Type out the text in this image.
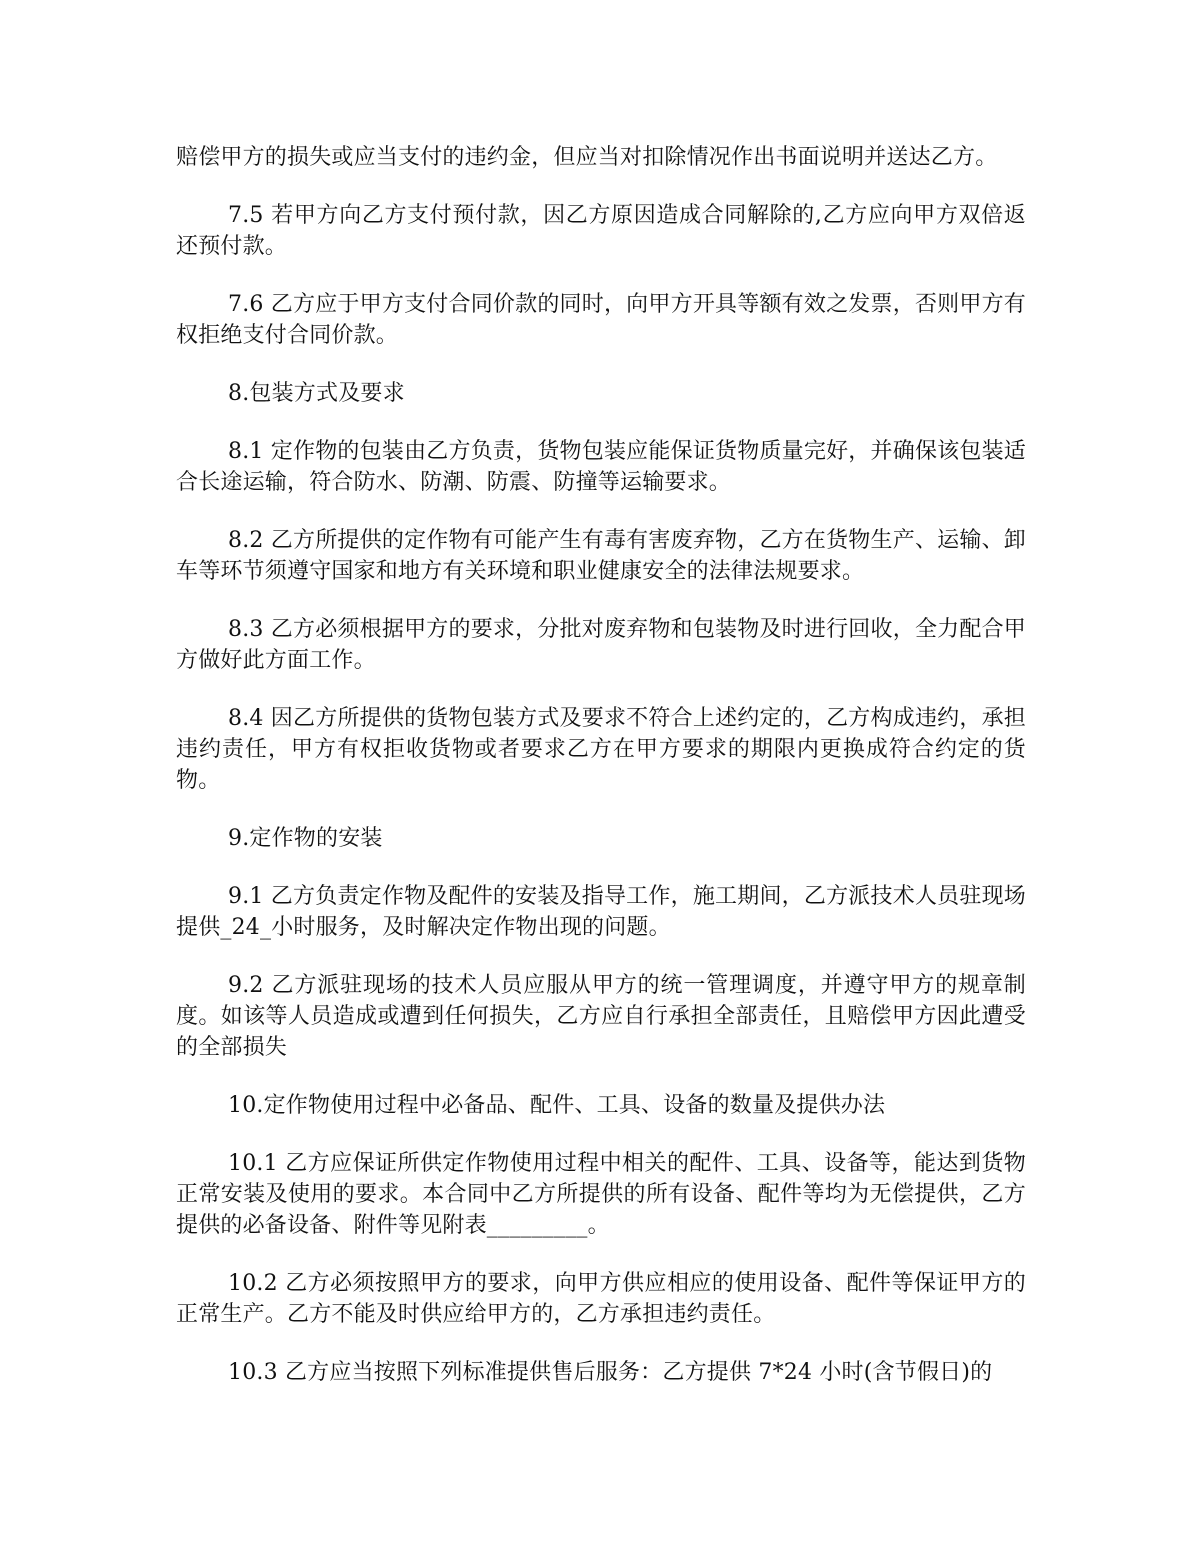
赔偿甲方的损失或应当支付的违约金，但应当对扣除情况作出书面说明并送达乙方。

7.5 若甲方向乙方支付预付款，因乙方原因造成合同解除的,乙方应向甲方双倍返还预付款。

7.6 乙方应于甲方支付合同价款的同时，向甲方开具等额有效之发票，否则甲方有权拒绝支付合同价款。

8.包装方式及要求

8.1 定作物的包装由乙方负责，货物包装应能保证货物质量完好，并确保该包装适合长途运输，符合防水、防潮、防震、防撞等运输要求。

8.2 乙方所提供的定作物有可能产生有毒有害废弃物，乙方在货物生产、运输、卸车等环节须遵守国家和地方有关环境和职业健康安全的法律法规要求。

8.3 乙方必须根据甲方的要求，分批对废弃物和包装物及时进行回收，全力配合甲方做好此方面工作。

8.4 因乙方所提供的货物包装方式及要求不符合上述约定的，乙方构成违约，承担违约责任，甲方有权拒收货物或者要求乙方在甲方要求的期限内更换成符合约定的货物。

9.定作物的安装

9.1 乙方负责定作物及配件的安装及指导工作，施工期间，乙方派技术人员驻现场提供_24_小时服务，及时解决定作物出现的问题。

9.2 乙方派驻现场的技术人员应服从甲方的统一管理调度，并遵守甲方的规章制度。如该等人员造成或遭到任何损失，乙方应自行承担全部责任，且赔偿甲方因此遭受的全部损失

10.定作物使用过程中必备品、配件、工具、设备的数量及提供办法

10.1 乙方应保证所供定作物使用过程中相关的配件、工具、设备等，能达到货物正常安装及使用的要求。本合同中乙方所提供的所有设备、配件等均为无偿提供，乙方提供的必备设备、附件等见附表_________。

10.2 乙方必须按照甲方的要求，向甲方供应相应的使用设备、配件等保证甲方的正常生产。乙方不能及时供应给甲方的，乙方承担违约责任。

10.3 乙方应当按照下列标准提供售后服务：乙方提供 7*24 小时(含节假日)的
